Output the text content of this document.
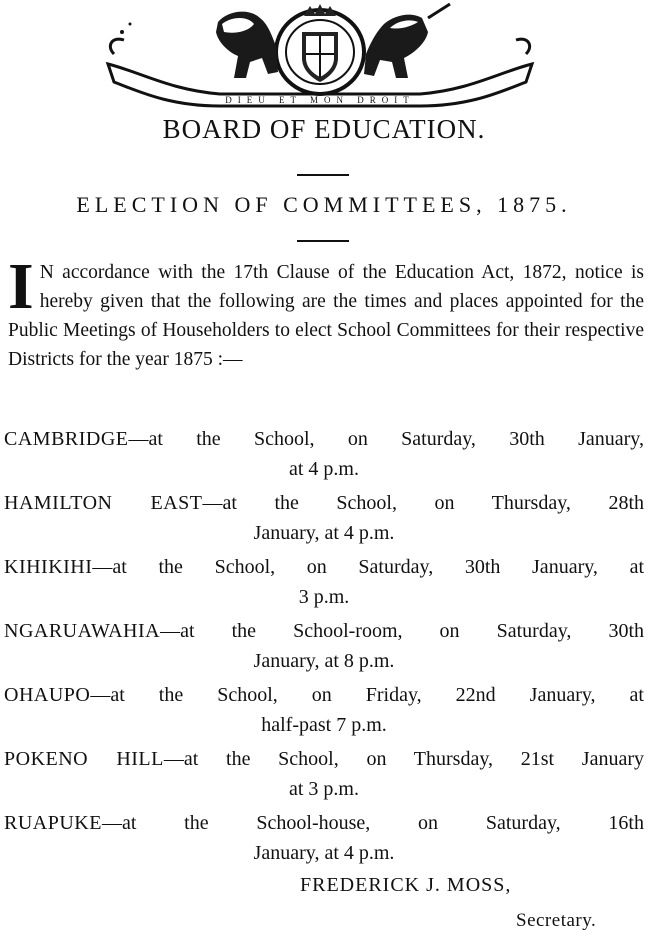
DIEU ET MON DROIT
BOARD OF EDUCATION.
ELECTION OF COMMITTEES, 1875.
I N accordance with the 17th Clause of the Education Act, 1872, notice is hereby given that the following are the times and places appointed for the Public Meetings of Householders to elect School Committees for their respective Districts for the year 1875 :—
CAMBRIDGE—at the School, on Saturday, 30th January,
at 4 p.m.
HAMILTON EAST—at the School, on Thursday, 28th
January, at 4 p.m.
KIHIKIHI—at the School, on Saturday, 30th January, at
3 p.m.
NGARUAWAHIA—at the School-room, on Saturday, 30th
January, at 8 p.m.
OHAUPO—at the School, on Friday, 22nd January, at
half-past 7 p.m.
POKENO HILL—at the School, on Thursday, 21st January
at 3 p.m.
RUAPUKE—at the School-house, on Saturday, 16th
January, at 4 p.m.
FREDERICK J. MOSS,
Secretary.
